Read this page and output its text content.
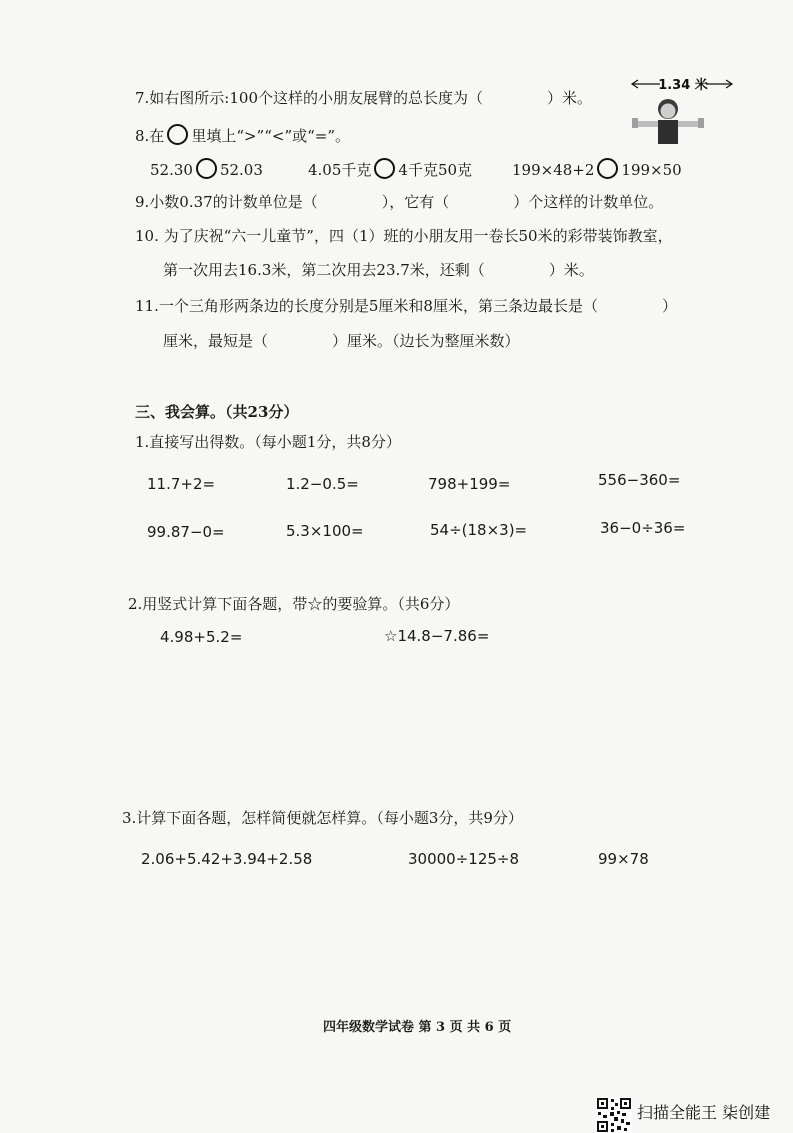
7.如右图所示:100个这样的小朋友展臂的总长度为（	）米。
1.34 米
8.在 里填上“>”“<”或“=”。
52.30 52.03	4.05千克 4千克50克	199×48+2 199×50
9.小数0.37的计数单位是（	），它有（	）个这样的计数单位。
10. 为了庆祝“六一儿童节”，四（1）班的小朋友用一卷长50米的彩带装饰教室，
第一次用去16.3米，第二次用去23.7米，还剩（	）米。
11.一个三角形两条边的长度分别是5厘米和8厘米，第三条边最长是（	）
厘米，最短是（	）厘米。（边长为整厘米数）
三、我会算。（共23分）
1.直接写出得数。（每小题1分，共8分）
11.7+2=	1.2−0.5=	798+199=	556−360=
99.87−0=	5.3×100=	54÷(18×3)=	36−0÷36=
2.用竖式计算下面各题，带☆的要验算。（共6分）
4.98+5.2=	☆14.8−7.86=
3.计算下面各题，怎样简便就怎样算。（每小题3分，共9分）
2.06+5.42+3.94+2.58	30000÷125÷8	99×78
四年级数学试卷 第 3 页 共 6 页
扫描全能王 柒创建
